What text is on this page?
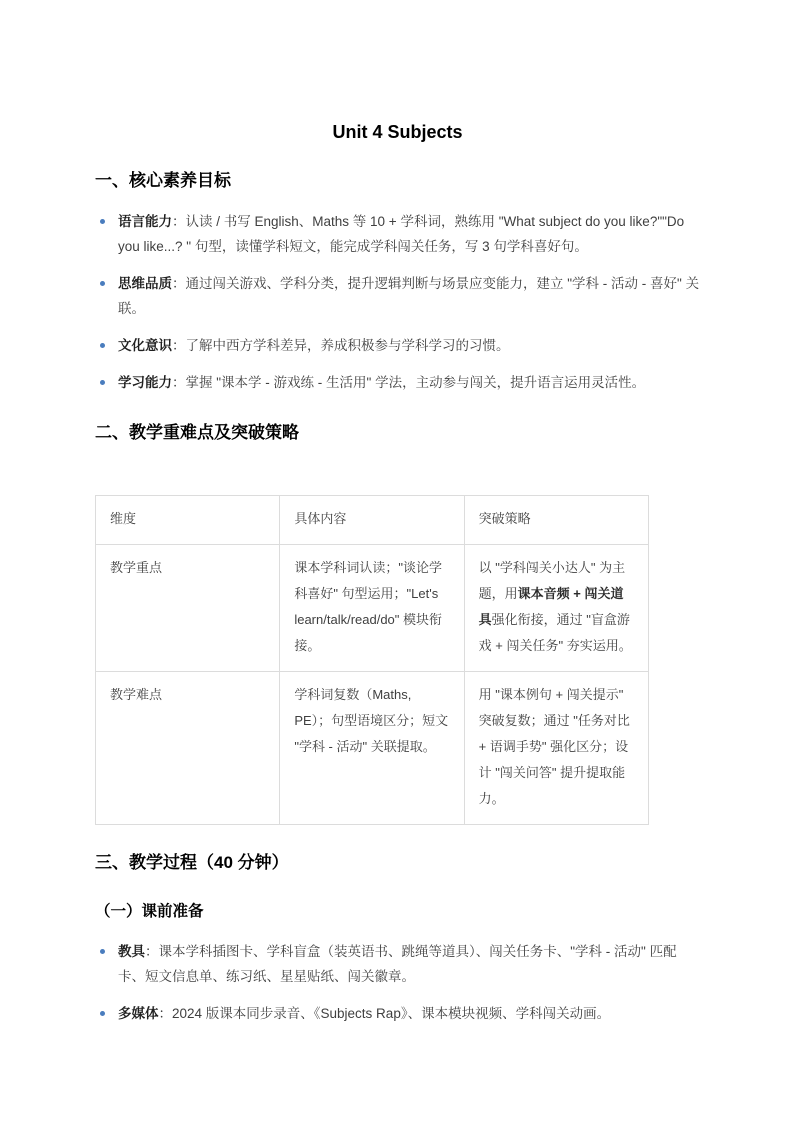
Unit 4 Subjects
一、核心素养目标

语言能力：认读 / 书写 English、Maths 等 10 + 学科词，熟练用 "What subject do you like?""Do you like...? " 句型，读懂学科短文，能完成学科闯关任务，写 3 句学科喜好句。

思维品质：通过闯关游戏、学科分类，提升逻辑判断与场景应变能力，建立 "学科 - 活动 - 喜好" 关联。

文化意识：了解中西方学科差异，养成积极参与学科学习的习惯。

学习能力：掌握 "课本学 - 游戏练 - 生活用" 学法，主动参与闯关，提升语言运用灵活性。

二、教学重难点及突破策略
维度	具体内容	突破策略
教学重点	课本学科词认读；"谈论学科喜好" 句型运用；"Let's learn/talk/read/do" 模块衔接。	以 "学科闯关小达人" 为主题，用课本音频 + 闯关道具强化衔接，通过 "盲盒游戏 + 闯关任务" 夯实运用。
教学难点	学科词复数（Maths, PE）；句型语境区分；短文 "学科 - 活动" 关联提取。	用 "课本例句 + 闯关提示" 突破复数；通过 "任务对比 + 语调手势" 强化区分；设计 "闯关问答" 提升提取能力。
三、教学过程（40 分钟）
（一）课前准备

教具：课本学科插图卡、学科盲盒（装英语书、跳绳等道具）、闯关任务卡、"学科 - 活动" 匹配卡、短文信息单、练习纸、星星贴纸、闯关徽章。

多媒体：2024 版课本同步录音、《Subjects Rap》、课本模块视频、学科闯关动画。
